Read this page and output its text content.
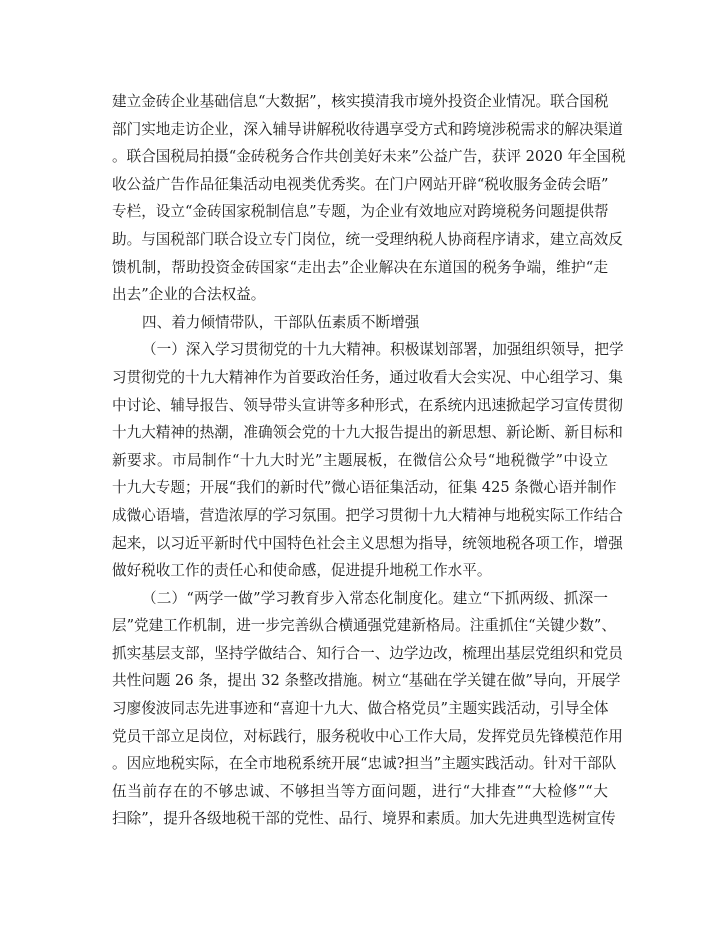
建立金砖企业基础信息“大数据”，核实摸清我市境外投资企业情况。联合国税
部门实地走访企业，深入辅导讲解税收待遇享受方式和跨境涉税需求的解决渠道
。联合国税局拍摄“金砖税务合作共创美好未来”公益广告，获评 2020 年全国税
收公益广告作品征集活动电视类优秀奖。在门户网站开辟“税收服务金砖会晤”
专栏，设立“金砖国家税制信息”专题，为企业有效地应对跨境税务问题提供帮
助。与国税部门联合设立专门岗位，统一受理纳税人协商程序请求，建立高效反
馈机制，帮助投资金砖国家“走出去”企业解决在东道国的税务争端，维护“走
出去”企业的合法权益。
四、着力倾情带队，干部队伍素质不断增强
（一）深入学习贯彻党的十九大精神。积极谋划部署，加强组织领导，把学
习贯彻党的十九大精神作为首要政治任务，通过收看大会实况、中心组学习、集
中讨论、辅导报告、领导带头宣讲等多种形式，在系统内迅速掀起学习宣传贯彻
十九大精神的热潮，准确领会党的十九大报告提出的新思想、新论断、新目标和
新要求。市局制作“十九大时光”主题展板，在微信公众号“地税微学”中设立
十九大专题；开展“我们的新时代”微心语征集活动，征集 425 条微心语并制作
成微心语墙，营造浓厚的学习氛围。把学习贯彻十九大精神与地税实际工作结合
起来，以习近平新时代中国特色社会主义思想为指导，统领地税各项工作，增强
做好税收工作的责任心和使命感，促进提升地税工作水平。
（二）“两学一做”学习教育步入常态化制度化。建立“下抓两级、抓深一
层”党建工作机制，进一步完善纵合横通强党建新格局。注重抓住“关键少数”、
抓实基层支部，坚持学做结合、知行合一、边学边改，梳理出基层党组织和党员
共性问题 26 条，提出 32 条整改措施。树立“基础在学关键在做”导向，开展学
习廖俊波同志先进事迹和“喜迎十九大、做合格党员”主题实践活动，引导全体
党员干部立足岗位，对标践行，服务税收中心工作大局，发挥党员先锋模范作用
。因应地税实际，在全市地税系统开展“忠诚?担当”主题实践活动。针对干部队
伍当前存在的不够忠诚、不够担当等方面问题，进行“大排查”“大检修”“大
扫除”，提升各级地税干部的党性、品行、境界和素质。加大先进典型选树宣传
